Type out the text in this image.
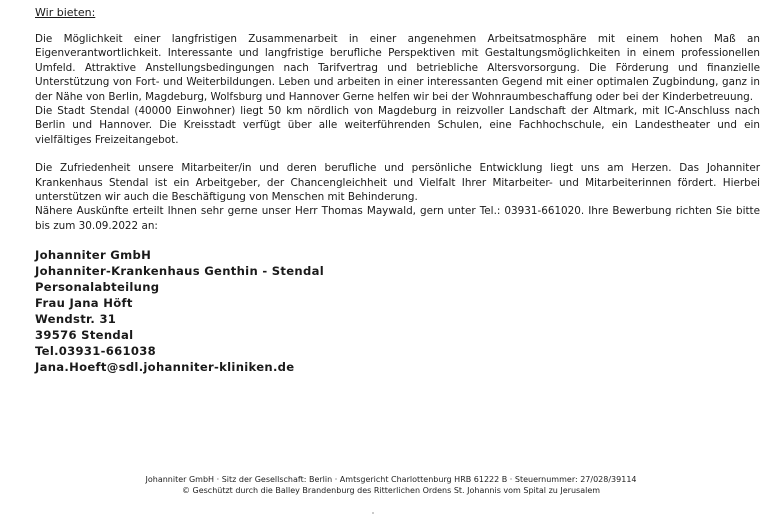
Wir bieten:

Die Möglichkeit einer langfristigen Zusammenarbeit in einer angenehmen Arbeitsatmosphäre mit einem hohen Maß an Eigenverantwortlichkeit. Interessante und langfristige berufliche Perspektiven mit Gestaltungsmöglichkeiten in einem professionellen Umfeld. Attraktive Anstellungsbedingungen nach Tarifvertrag und betriebliche Altersvorsorgung. Die Förderung und finanzielle Unterstützung von Fort- und Weiterbildungen. Leben und arbeiten in einer interessanten Gegend mit einer optimalen Zugbindung, ganz in der Nähe von Berlin, Magdeburg, Wolfsburg und Hannover Gerne helfen wir bei der Wohnraumbeschaffung oder bei der Kinderbetreuung.

Die Stadt Stendal (40000 Einwohner) liegt 50 km nördlich von Magdeburg in reizvoller Landschaft der Altmark, mit IC-Anschluss nach Berlin und Hannover. Die Kreisstadt verfügt über alle weiterführenden Schulen, eine Fachhochschule, ein Landestheater und ein vielfältiges Freizeitangebot.

Die Zufriedenheit unsere Mitarbeiter/in und deren berufliche und persönliche Entwicklung liegt uns am Herzen. Das Johanniter Krankenhaus Stendal ist ein Arbeitgeber, der Chancengleichheit und Vielfalt Ihrer Mitarbeiter- und Mitarbeiterinnen fördert. Hierbei unterstützen wir auch die Beschäftigung von Menschen mit Behinderung.

Nähere Auskünfte erteilt Ihnen sehr gerne unser Herr Thomas Maywald, gern unter Tel.: 03931-661020. Ihre Bewerbung richten Sie bitte bis zum 30.09.2022 an:

Johanniter GmbH
Johanniter-Krankenhaus Genthin - Stendal
Personalabteilung
Frau Jana Höft
Wendstr. 31
39576 Stendal
Tel.03931-661038
Jana.Hoeft@sdl.johanniter-kliniken.de
Johanniter GmbH · Sitz der Gesellschaft: Berlin · Amtsgericht Charlottenburg HRB 61222 B · Steuernummer: 27/028/39114
© Geschützt durch die Balley Brandenburg des Ritterlichen Ordens St. Johannis vom Spital zu Jerusalem
